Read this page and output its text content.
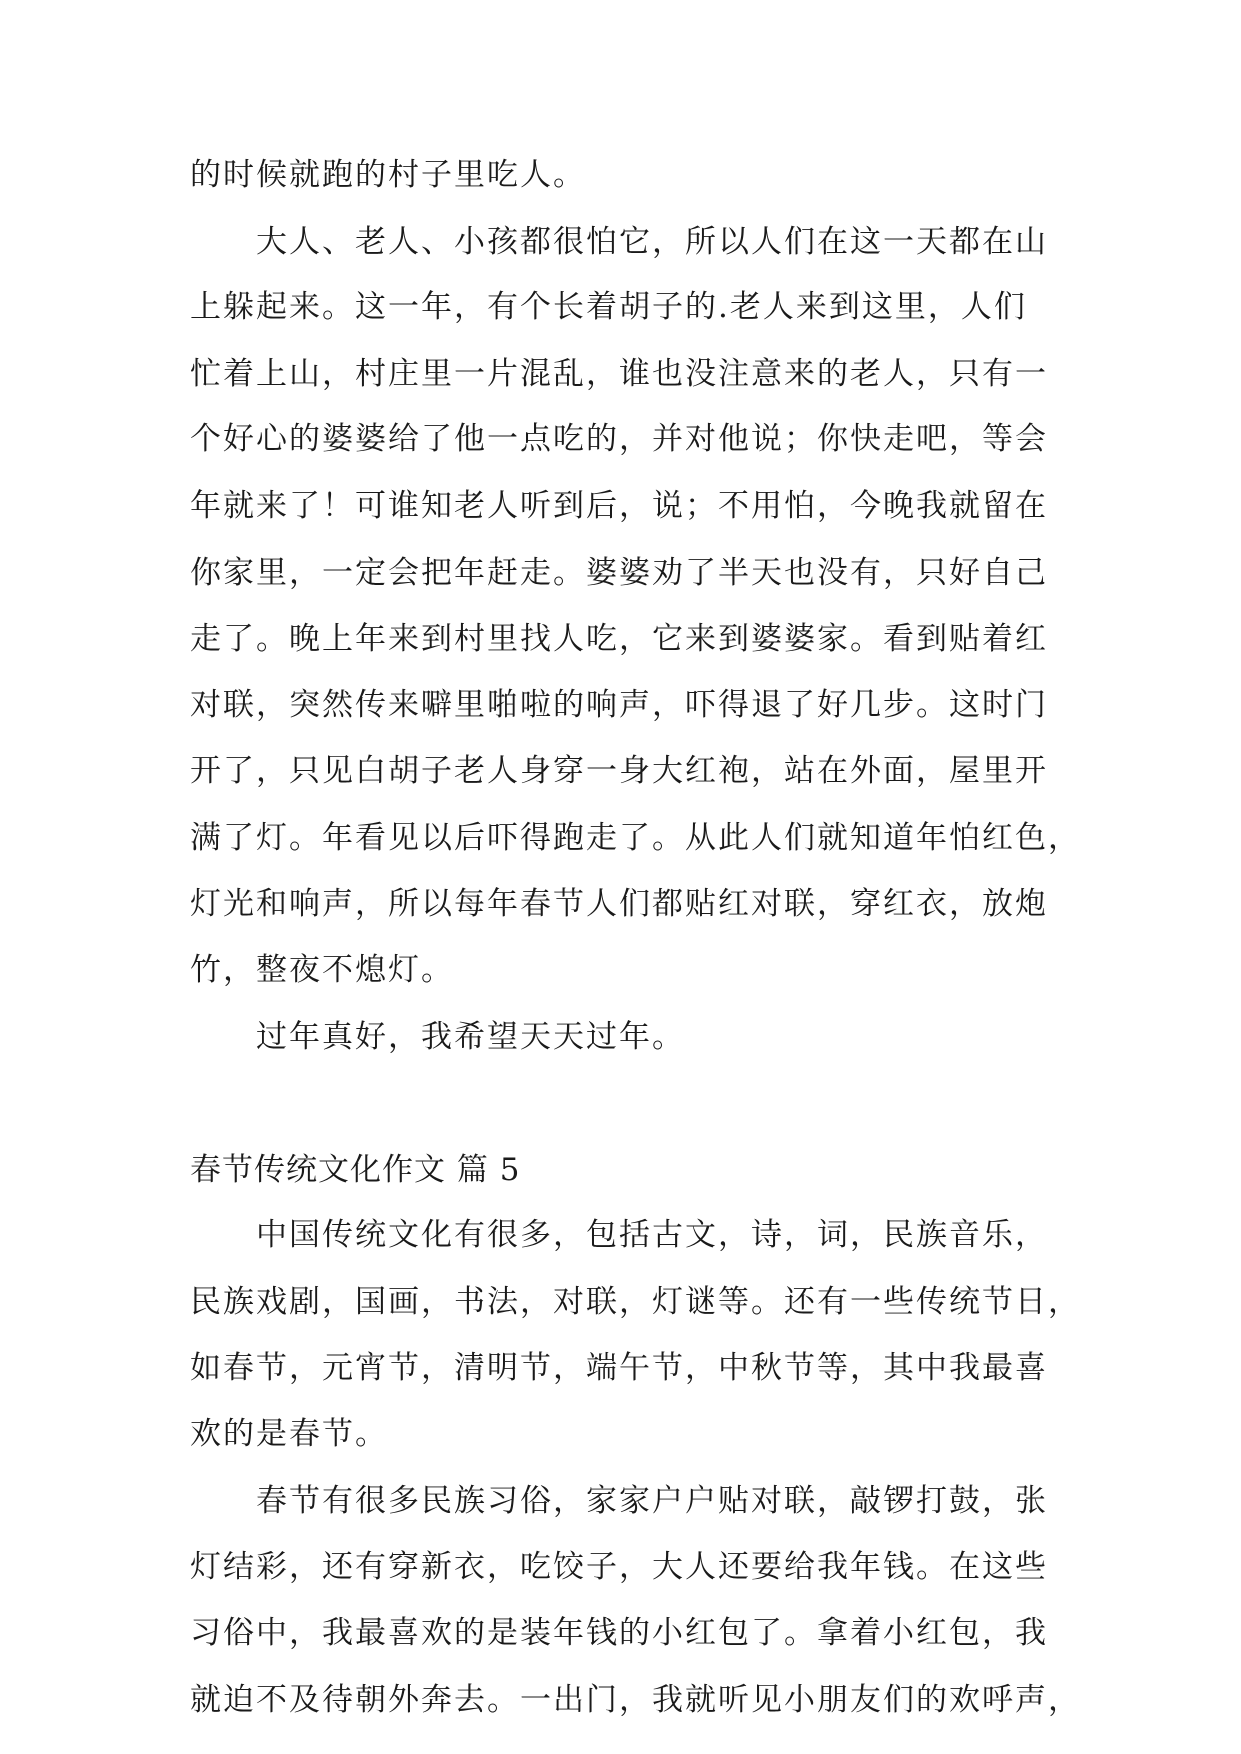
的时候就跑的村子里吃人。
大人、老人、小孩都很怕它，所以人们在这一天都在山
上躲起来。这一年，有个长着胡子的.老人来到这里，人们
忙着上山，村庄里一片混乱，谁也没注意来的老人，只有一
个好心的婆婆给了他一点吃的，并对他说；你快走吧，等会
年就来了！可谁知老人听到后，说；不用怕，今晚我就留在
你家里，一定会把年赶走。婆婆劝了半天也没有，只好自己
走了。晚上年来到村里找人吃，它来到婆婆家。看到贴着红
对联，突然传来噼里啪啦的响声，吓得退了好几步。这时门
开了，只见白胡子老人身穿一身大红袍，站在外面，屋里开
满了灯。年看见以后吓得跑走了。从此人们就知道年怕红色，
灯光和响声，所以每年春节人们都贴红对联，穿红衣，放炮
竹，整夜不熄灯。
过年真好，我希望天天过年。
春节传统文化作文 篇 5
中国传统文化有很多，包括古文，诗，词，民族音乐，
民族戏剧，国画，书法，对联，灯谜等。还有一些传统节日，
如春节，元宵节，清明节，端午节，中秋节等，其中我最喜
欢的是春节。
春节有很多民族习俗，家家户户贴对联，敲锣打鼓，张
灯结彩，还有穿新衣，吃饺子，大人还要给我年钱。在这些
习俗中，我最喜欢的是装年钱的小红包了。拿着小红包，我
就迫不及待朝外奔去。一出门，我就听见小朋友们的欢呼声，
